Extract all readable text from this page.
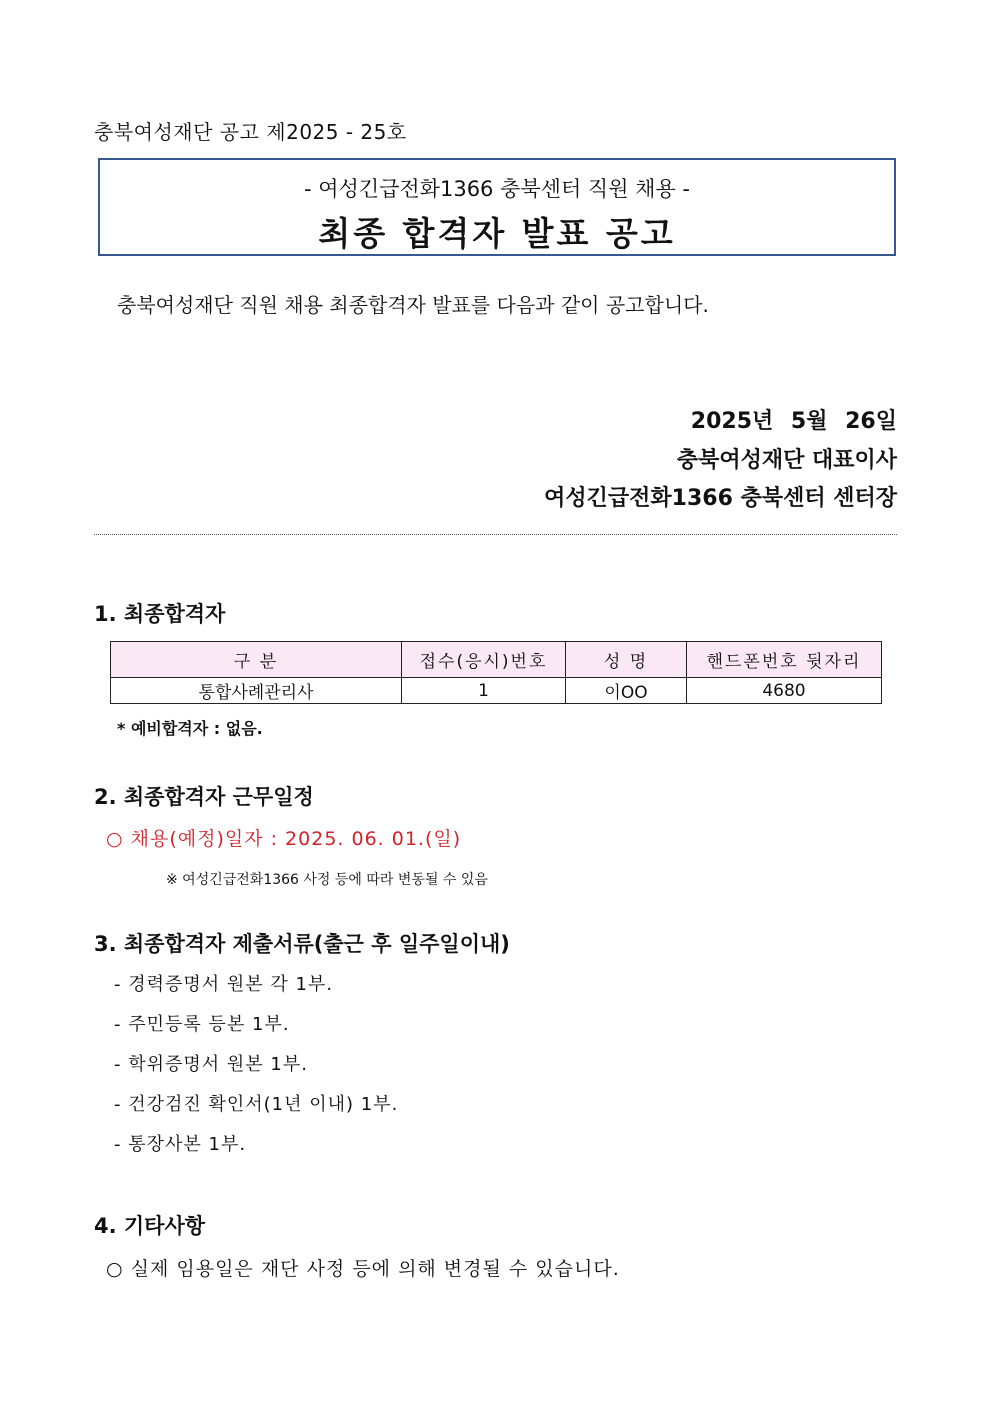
충북여성재단 공고 제2025 - 25호
- 여성긴급전화1366 충북센터 직원 채용 -
최종 합격자 발표 공고
충북여성재단 직원 채용 최종합격자 발표를 다음과 같이 공고합니다.
2025년 5월 26일
충북여성재단 대표이사
여성긴급전화1366 충북센터 센터장
1. 최종합격자
구 분	접수(응시)번호	성 명	핸드폰번호 뒷자리
통합사례관리사	1	이OO	4680
* 예비합격자 : 없음.
2. 최종합격자 근무일정
○ 채용(예정)일자 : 2025. 06. 01.(일)
※ 여성긴급전화1366 사정 등에 따라 변동될 수 있음
3. 최종합격자 제출서류(출근 후 일주일이내)
- 경력증명서 원본 각 1부.
- 주민등록 등본 1부.
- 학위증명서 원본 1부.
- 건강검진 확인서(1년 이내) 1부.
- 통장사본 1부.
4. 기타사항
○ 실제 임용일은 재단 사정 등에 의해 변경될 수 있습니다.
